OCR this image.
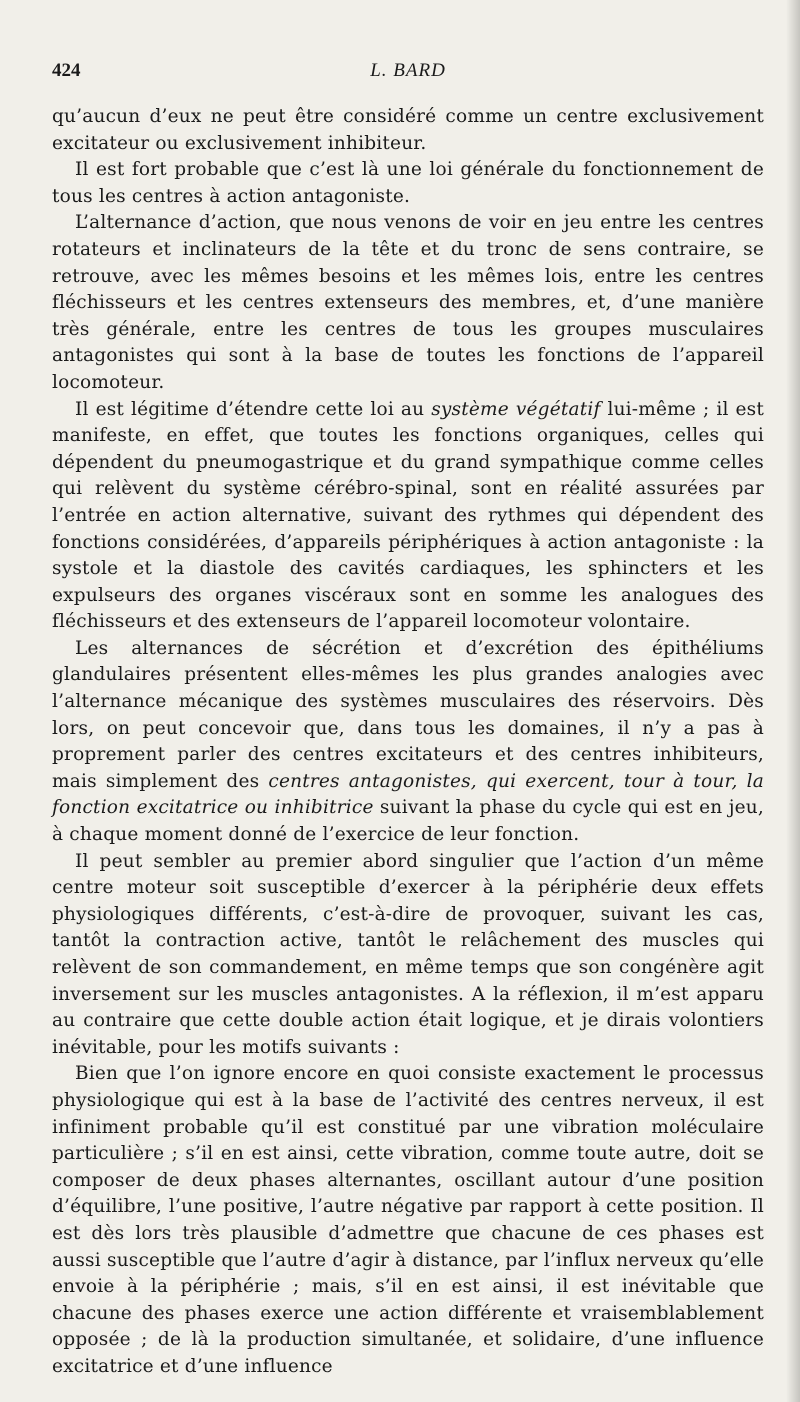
424	L. BARD

qu’aucun d’eux ne peut être considéré comme un centre exclusivement excitateur ou exclusivement inhibiteur.

Il est fort probable que c’est là une loi générale du fonctionnement de tous les centres à action antagoniste.

L’alternance d’action, que nous venons de voir en jeu entre les centres rotateurs et inclinateurs de la tête et du tronc de sens contraire, se retrouve, avec les mêmes besoins et les mêmes lois, entre les centres fléchisseurs et les centres extenseurs des membres, et, d’une manière très générale, entre les centres de tous les groupes musculaires antagonistes qui sont à la base de toutes les fonctions de l’appareil locomoteur.

Il est légitime d’étendre cette loi au système végétatif lui-même ; il est manifeste, en effet, que toutes les fonctions organiques, celles qui dépendent du pneumogastrique et du grand sympathique comme celles qui relèvent du système cérébro-spinal, sont en réalité assurées par l’entrée en action alternative, suivant des rythmes qui dépendent des fonctions considérées, d’appareils périphériques à action antagoniste : la systole et la diastole des cavités cardiaques, les sphincters et les expulseurs des organes viscéraux sont en somme les analogues des fléchisseurs et des extenseurs de l’appareil locomoteur volontaire.

Les alternances de sécrétion et d’excrétion des épithéliums glandulaires présentent elles-mêmes les plus grandes analogies avec l’alternance mécanique des systèmes musculaires des réservoirs. Dès lors, on peut concevoir que, dans tous les domaines, il n’y a pas à proprement parler des centres excitateurs et des centres inhibiteurs, mais simplement des centres antagonistes, qui exercent, tour à tour, la fonction excitatrice ou inhibitrice suivant la phase du cycle qui est en jeu, à chaque moment donné de l’exercice de leur fonction.

Il peut sembler au premier abord singulier que l’action d’un même centre moteur soit susceptible d’exercer à la périphérie deux effets physiologiques différents, c’est-à-dire de provoquer, suivant les cas, tantôt la contraction active, tantôt le relâchement des muscles qui relèvent de son commandement, en même temps que son congénère agit inversement sur les muscles antagonistes. A la réflexion, il m’est apparu au contraire que cette double action était logique, et je dirais volontiers inévitable, pour les motifs suivants :

Bien que l’on ignore encore en quoi consiste exactement le processus physiologique qui est à la base de l’activité des centres nerveux, il est infiniment probable qu’il est constitué par une vibration moléculaire particulière ; s’il en est ainsi, cette vibration, comme toute autre, doit se composer de deux phases alternantes, oscillant autour d’une position d’équilibre, l’une positive, l’autre négative par rapport à cette position. Il est dès lors très plausible d’admettre que chacune de ces phases est aussi susceptible que l’autre d’agir à distance, par l’influx nerveux qu’elle envoie à la périphérie ; mais, s’il en est ainsi, il est inévitable que chacune des phases exerce une action différente et vraisemblablement opposée ; de là la production simultanée, et solidaire, d’une influence excitatrice et d’une influence
